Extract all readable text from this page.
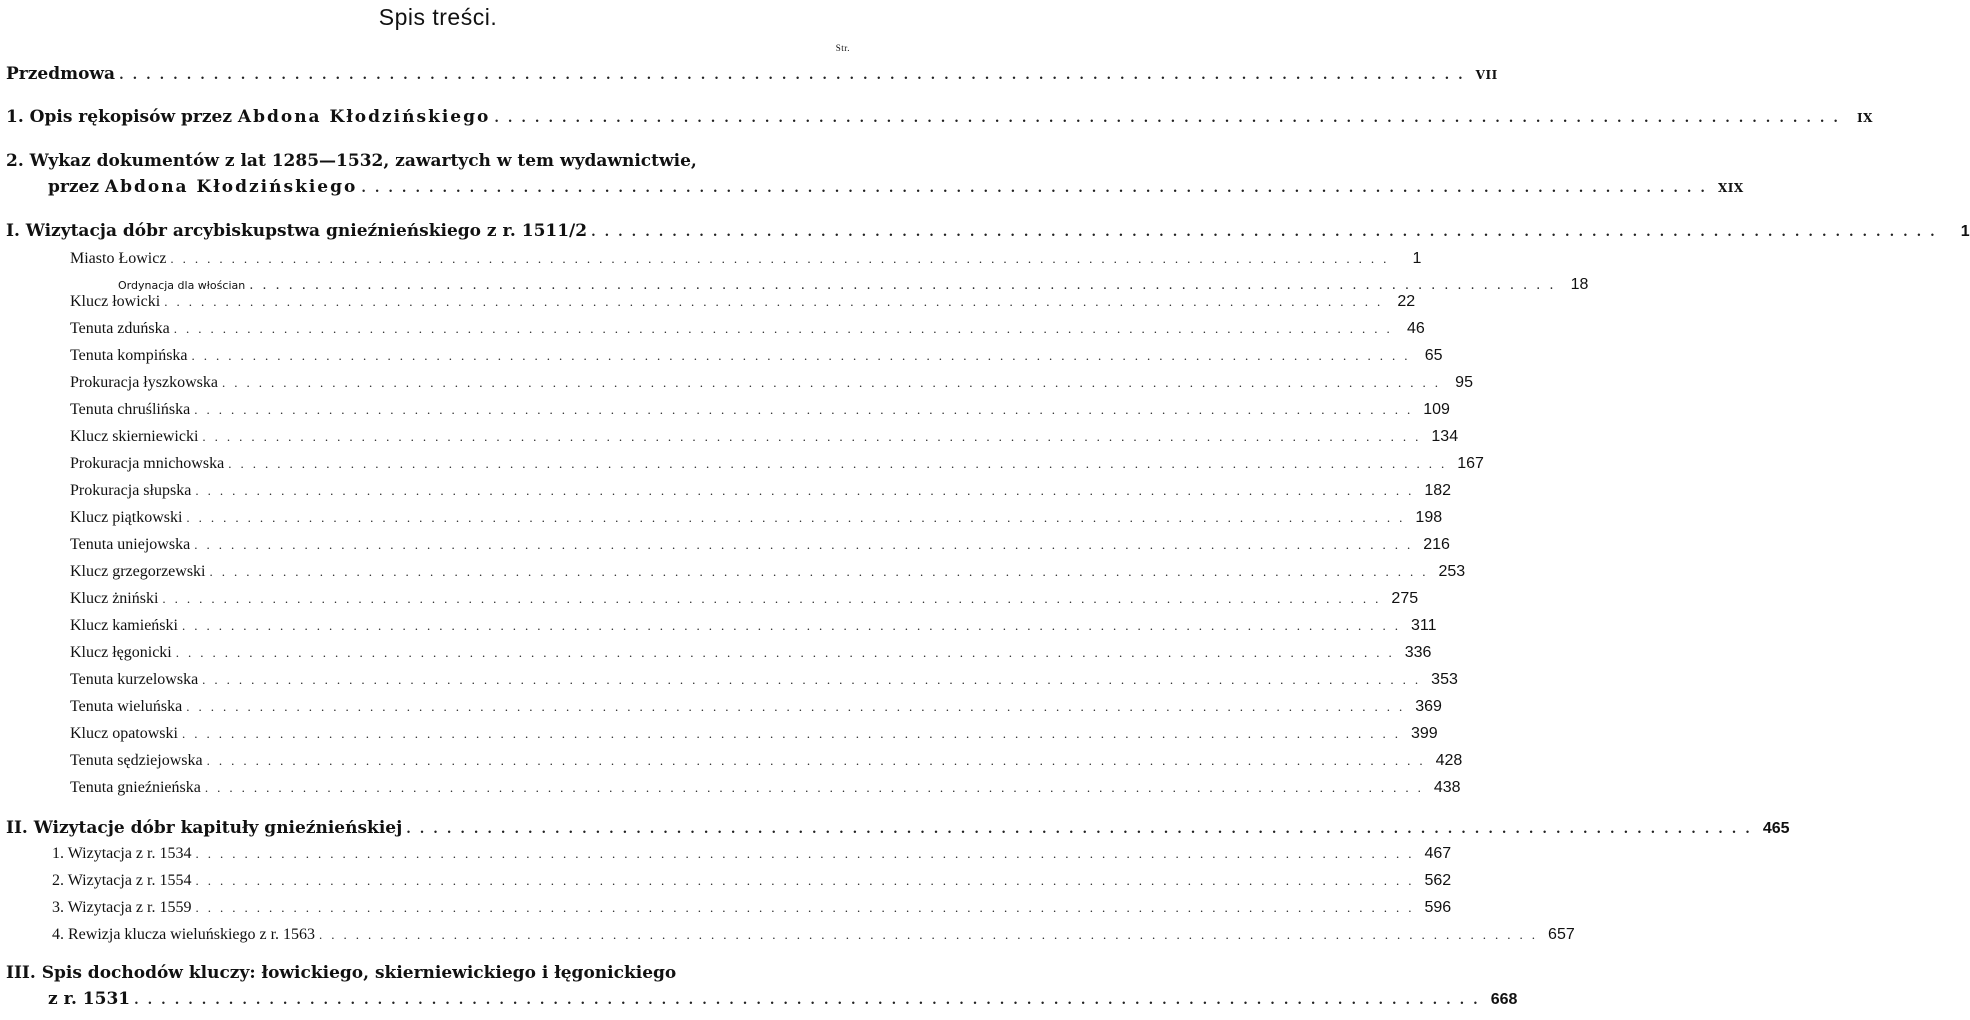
Spis treści.
Str.
Przedmowa .................................................................................................... VII
1. Opis rękopisów przez Abdona Kłodzińskiego .................................................................................................... IX
2. Wykaz dokumentów z lat 1285—1532, zawartych w tem wydawnictwie,
przez Abdona Kłodzińskiego .................................................................................................... XIX
I. Wizytacja dóbr arcybiskupstwa gnieźnieńskiego z r. 1511/2 ....................................................................................................	1
Miasto Łowicz ....................................................................................................	1
Ordynacja dla włościan .................................................................................................... 18
Klucz łowicki .................................................................................................... 22
Tenuta zduńska .................................................................................................... 46
Tenuta kompińska .................................................................................................... 65
Prokuracja łyszkowska .................................................................................................... 95
Tenuta chruślińska .................................................................................................... 109
Klucz skierniewicki .................................................................................................... 134
Prokuracja mnichowska .................................................................................................... 167
Prokuracja słupska .................................................................................................... 182
Klucz piątkowski .................................................................................................... 198
Tenuta uniejowska .................................................................................................... 216
Klucz grzegorzewski .................................................................................................... 253
Klucz żniński .................................................................................................... 275
Klucz kamieński .................................................................................................... 311
Klucz łęgonicki .................................................................................................... 336
Tenuta kurzelowska .................................................................................................... 353
Tenuta wieluńska .................................................................................................... 369
Klucz opatowski .................................................................................................... 399
Tenuta sędziejowska .................................................................................................... 428
Tenuta gnieźnieńska .................................................................................................... 438
II. Wizytacje dóbr kapituły gnieźnieńskiej .................................................................................................... 465
1. Wizytacja z r. 1534 .................................................................................................... 467
2. Wizytacja z r. 1554 .................................................................................................... 562
3. Wizytacja z r. 1559 .................................................................................................... 596
4. Rewizja klucza wieluńskiego z r. 1563 .................................................................................................... 657
III. Spis dochodów kluczy: łowickiego, skierniewickiego i łęgonickiego
z r. 1531 .................................................................................................... 668
